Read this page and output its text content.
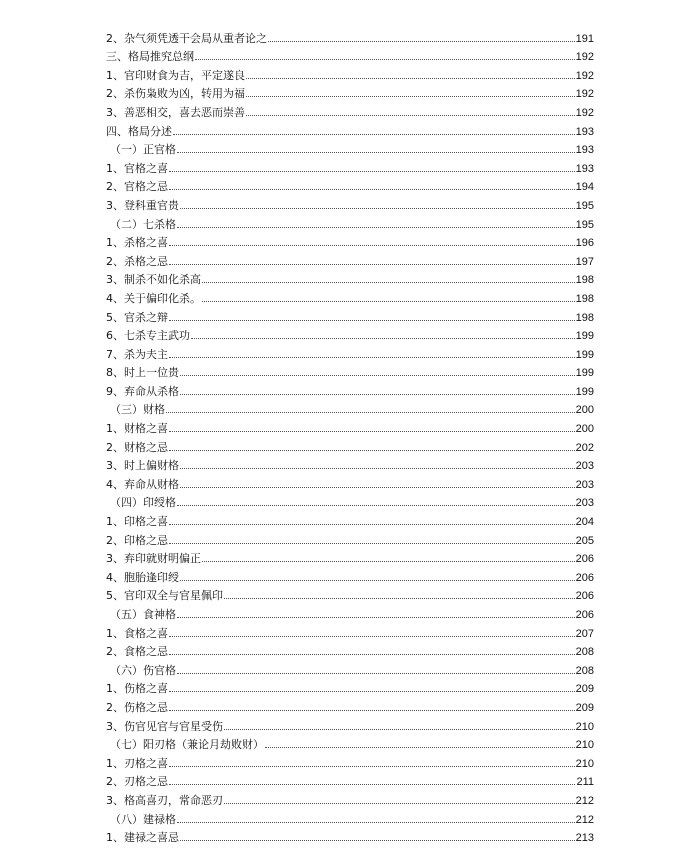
2、杂气须凭透干会局从重者论之	191
三、格局推究总纲	192
1、官印财食为吉，平定遂良	192
2、杀伤枭败为凶，转用为福	192
3、善恶相交，喜去恶而崇善	192
四、格局分述	193
（一）正官格	193
1、官格之喜	193
2、官格之忌	194
3、登科重官贵	195
（二）七杀格	195
1、杀格之喜	196
2、杀格之忌	197
3、制杀不如化杀高	198
4、关于偏印化杀。	198
5、官杀之辩	198
6、七杀专主武功	199
7、杀为夫主	199
8、时上一位贵	199
9、弃命从杀格	199
（三）财格	200
1、财格之喜	200
2、财格之忌	202
3、时上偏财格	203
4、弃命从财格	203
（四）印绶格	203
1、印格之喜	204
2、印格之忌	205
3、弃印就财明偏正	206
4、胞胎逢印绶	206
5、官印双全与官星佩印	206
（五）食神格	206
1、食格之喜	207
2、食格之忌	208
（六）伤官格	208
1、伤格之喜	209
2、伤格之忌	209
3、伤官见官与官星受伤	210
（七）阳刃格（兼论月劫败财）	210
1、刃格之喜	210
2、刃格之忌	211
3、格高喜刃，常命恶刃	212
（八）建禄格	212
1、建禄之喜忌	213
